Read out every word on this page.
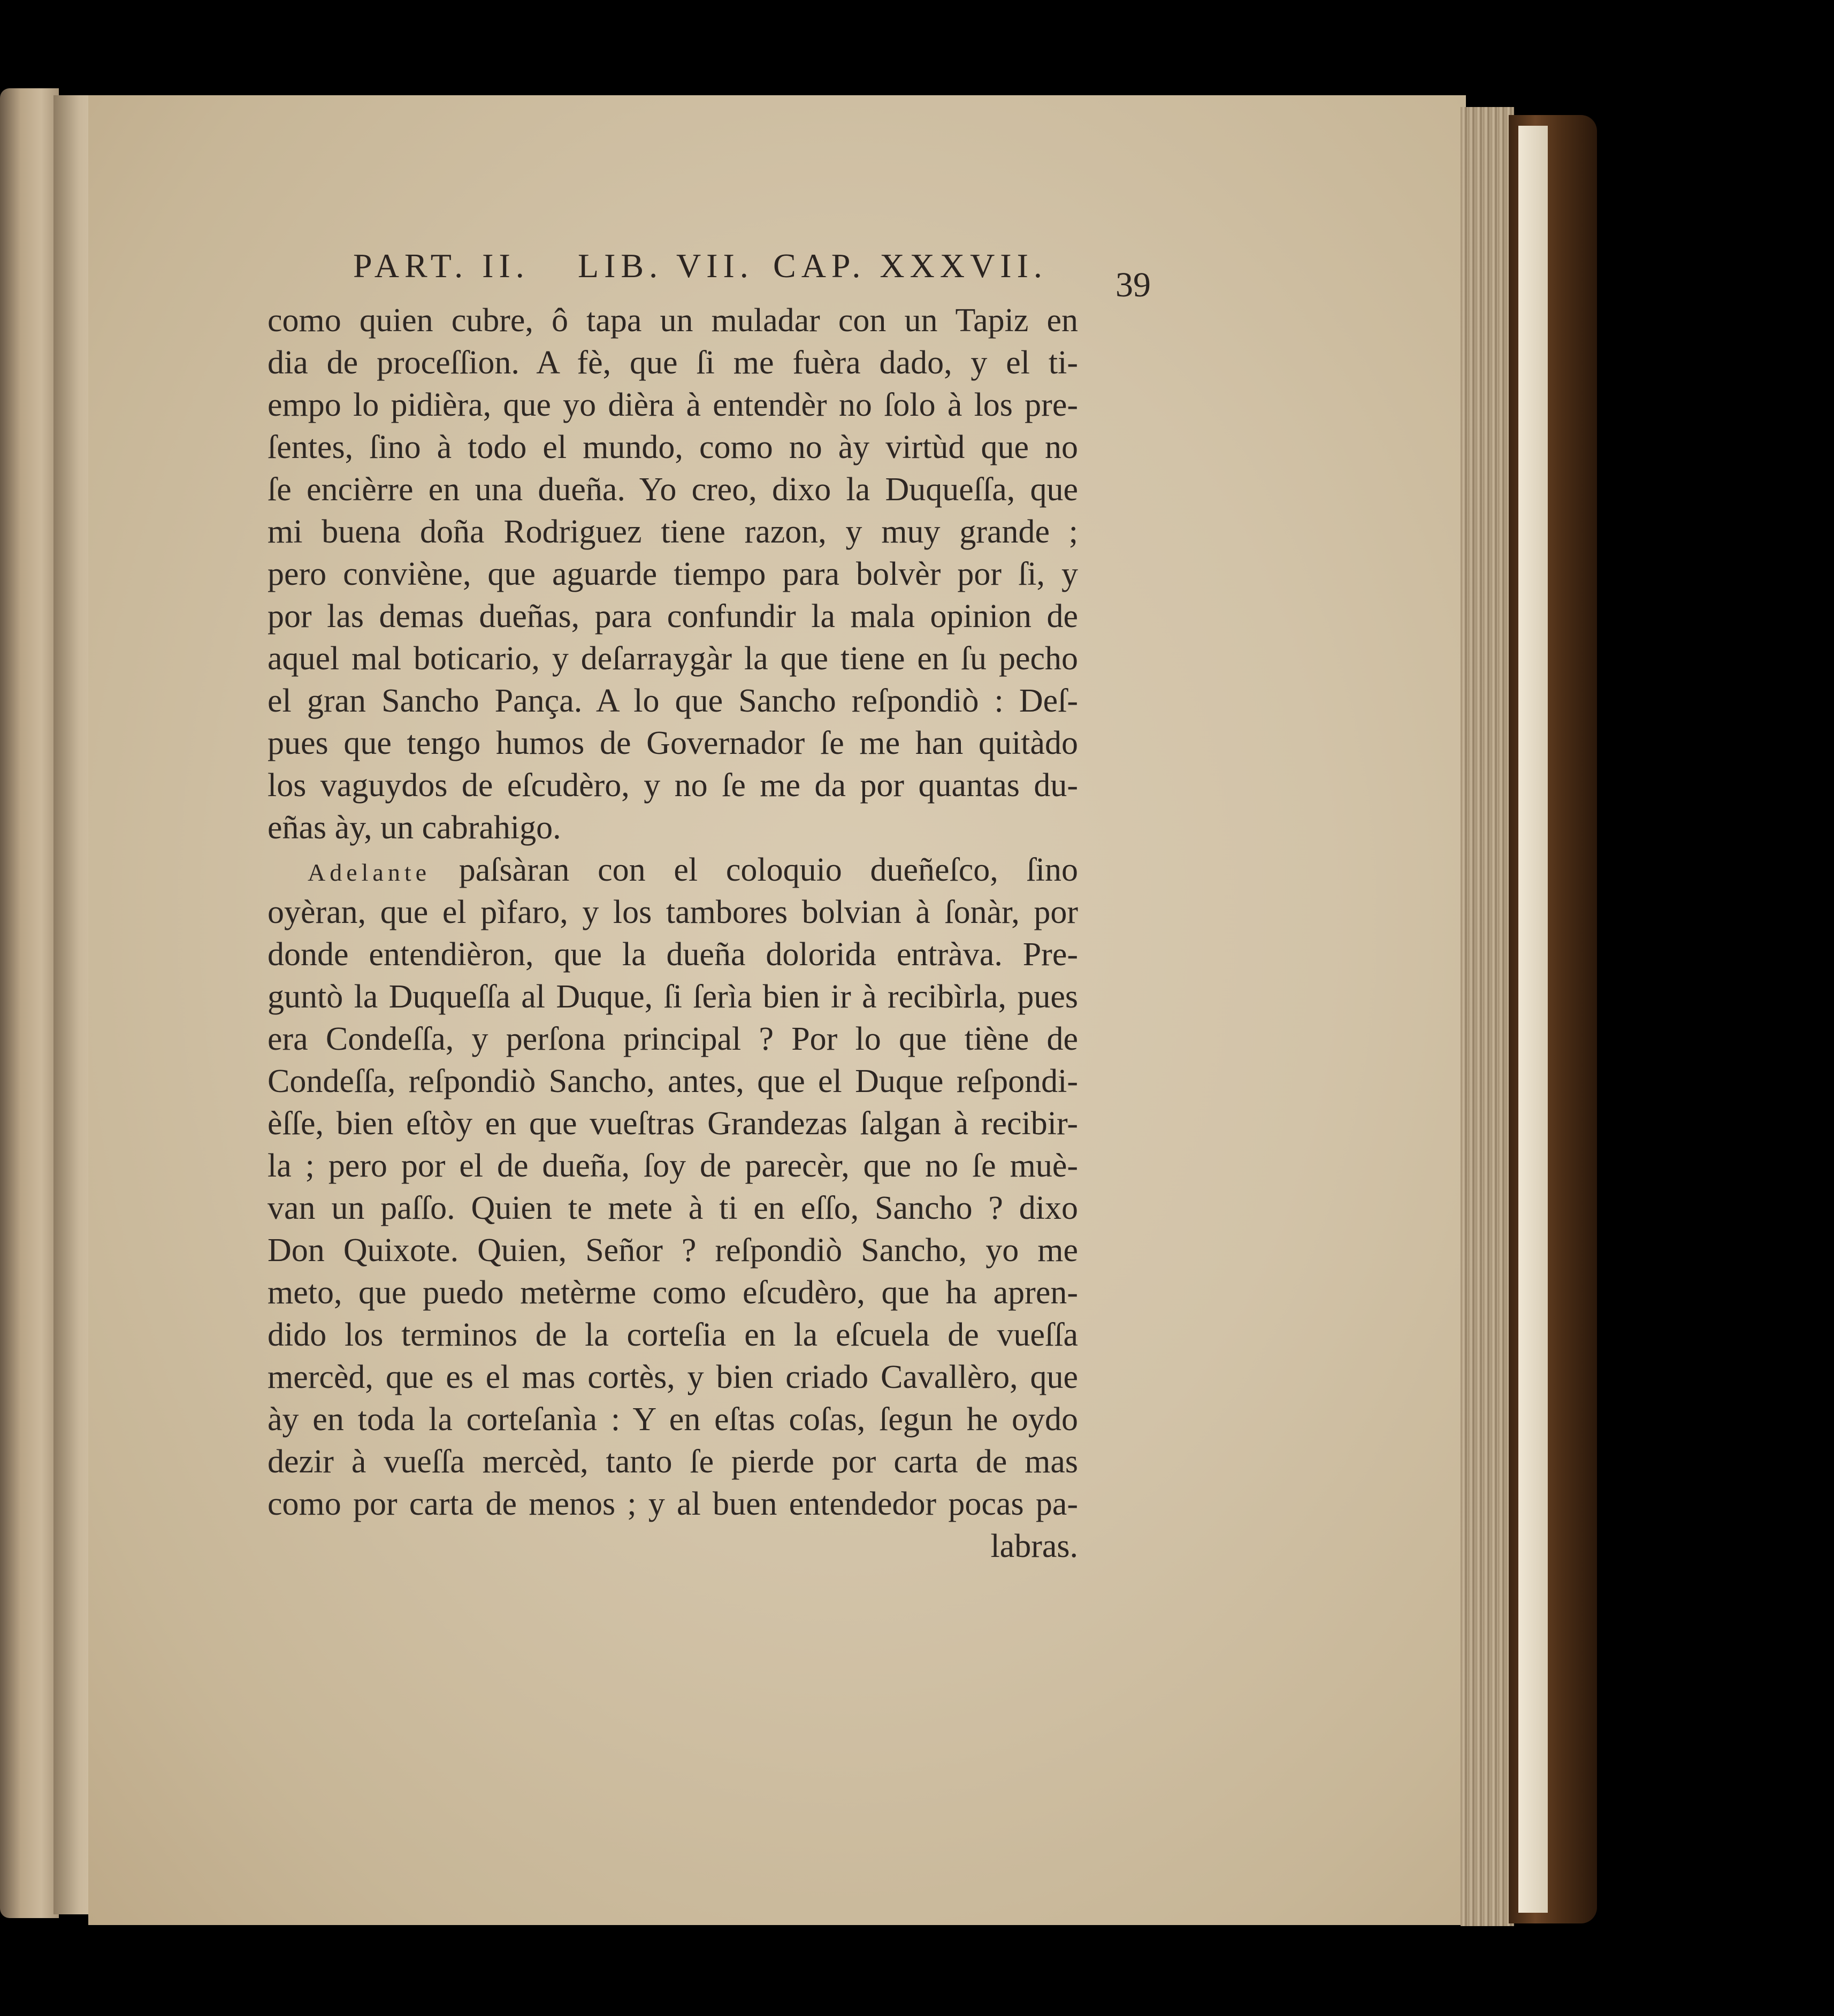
PART. II. LIB. VII. CAP. XXXVII. 39
como quien cubre, ô tapa un muladar con un Tapiz en
dia de proceſſion. A fè, que ſi me fuèra dado, y el ti-
empo lo pidièra, que yo dièra à entendèr no ſolo à los pre-
ſentes, ſino à todo el mundo, como no ày virtùd que no
ſe encièrre en una dueña. Yo creo, dixo la Duqueſſa, que
mi buena doña Rodriguez tiene razon, y muy grande ;
pero conviène, que aguarde tiempo para bolvèr por ſi, y
por las demas dueñas, para confundir la mala opinion de
aquel mal boticario, y deſarraygàr la que tiene en ſu pecho
el gran Sancho Pança. A lo que Sancho reſpondiò : Deſ-
pues que tengo humos de Governador ſe me han quitàdo
los vaguydos de eſcudèro, y no ſe me da por quantas du-
eñas ày, un cabrahigo.
Adelante paſsàran con el coloquio dueñeſco, ſino
oyèran, que el pìfaro, y los tambores bolvian à ſonàr, por
donde entendièron, que la dueña dolorida entràva. Pre-
guntò la Duqueſſa al Duque, ſi ſerìa bien ir à recibìrla, pues
era Condeſſa, y perſona principal ? Por lo que tiène de
Condeſſa, reſpondiò Sancho, antes, que el Duque reſpondi-
èſſe, bien eſtòy en que vueſtras Grandezas ſalgan à recibir-
la ; pero por el de dueña, ſoy de parecèr, que no ſe muè-
van un paſſo. Quien te mete à ti en eſſo, Sancho ? dixo
Don Quixote. Quien, Señor ? reſpondiò Sancho, yo me
meto, que puedo metèrme como eſcudèro, que ha apren-
dido los terminos de la corteſia en la eſcuela de vueſſa
mercèd, que es el mas cortès, y bien criado Cavallèro, que
ày en toda la corteſanìa : Y en eſtas coſas, ſegun he oydo
dezir à vueſſa mercèd, tanto ſe pierde por carta de mas
como por carta de menos ; y al buen entendedor pocas pa-
labras.
